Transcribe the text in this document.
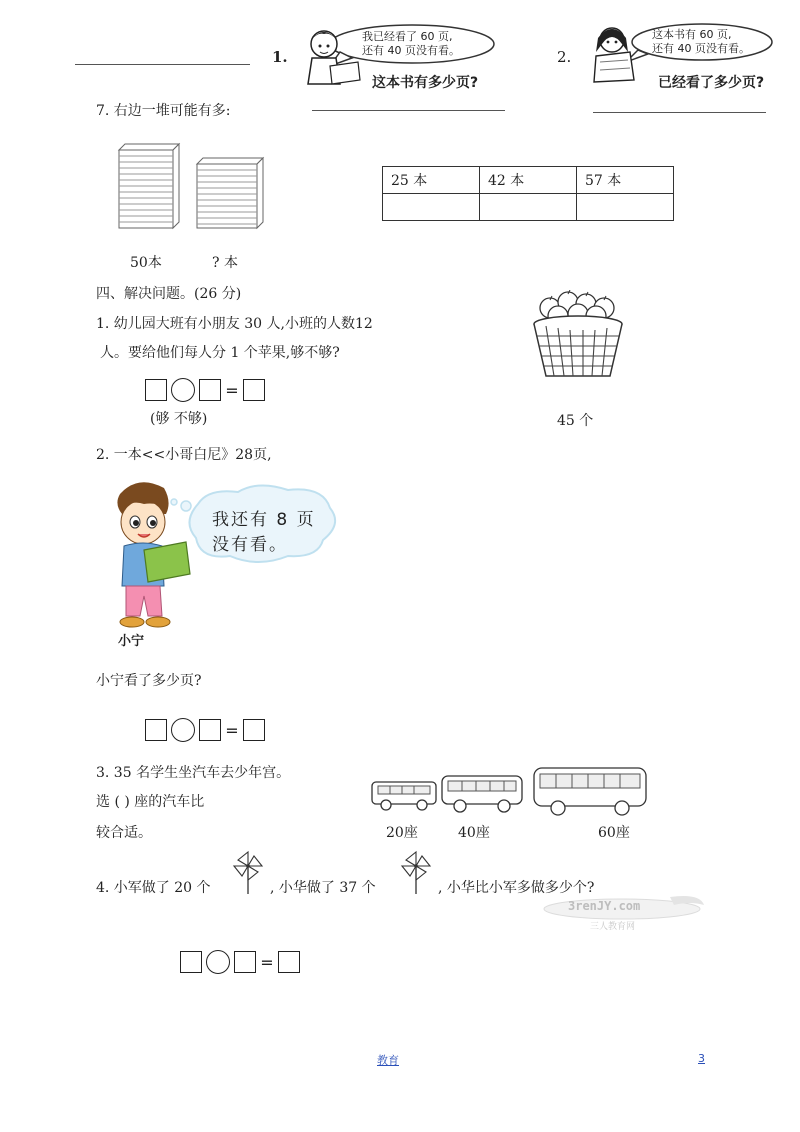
1.
我已经看了 60 页,
还有 40 页没有看。
这本书有多少页?
2.
这本书有 60 页,
还有 40 页没有看。
已经看了多少页?
7. 右边一堆可能有多:
50本	? 本
25 本	42 本	57 本

四、解决问题。(26 分)
1. 幼儿园大班有小朋友 30 人,小班的人数12
人。要给他们每人分 1 个苹果,够不够?
=
(够 不够)	45 个
2. 一本<<小哥白尼》28页,
我还有 8 页
没有看。
小宁
小宁看了多少页?
=
3. 35 名学生坐汽车去少年宫。
选 ( ) 座的汽车比
较合适。	20座	40座	60座
4. 小军做了 20 个	, 小华做了 37 个	, 小华比小军多做多少个?
3renJY.com
三人教育网
=
教育	3
